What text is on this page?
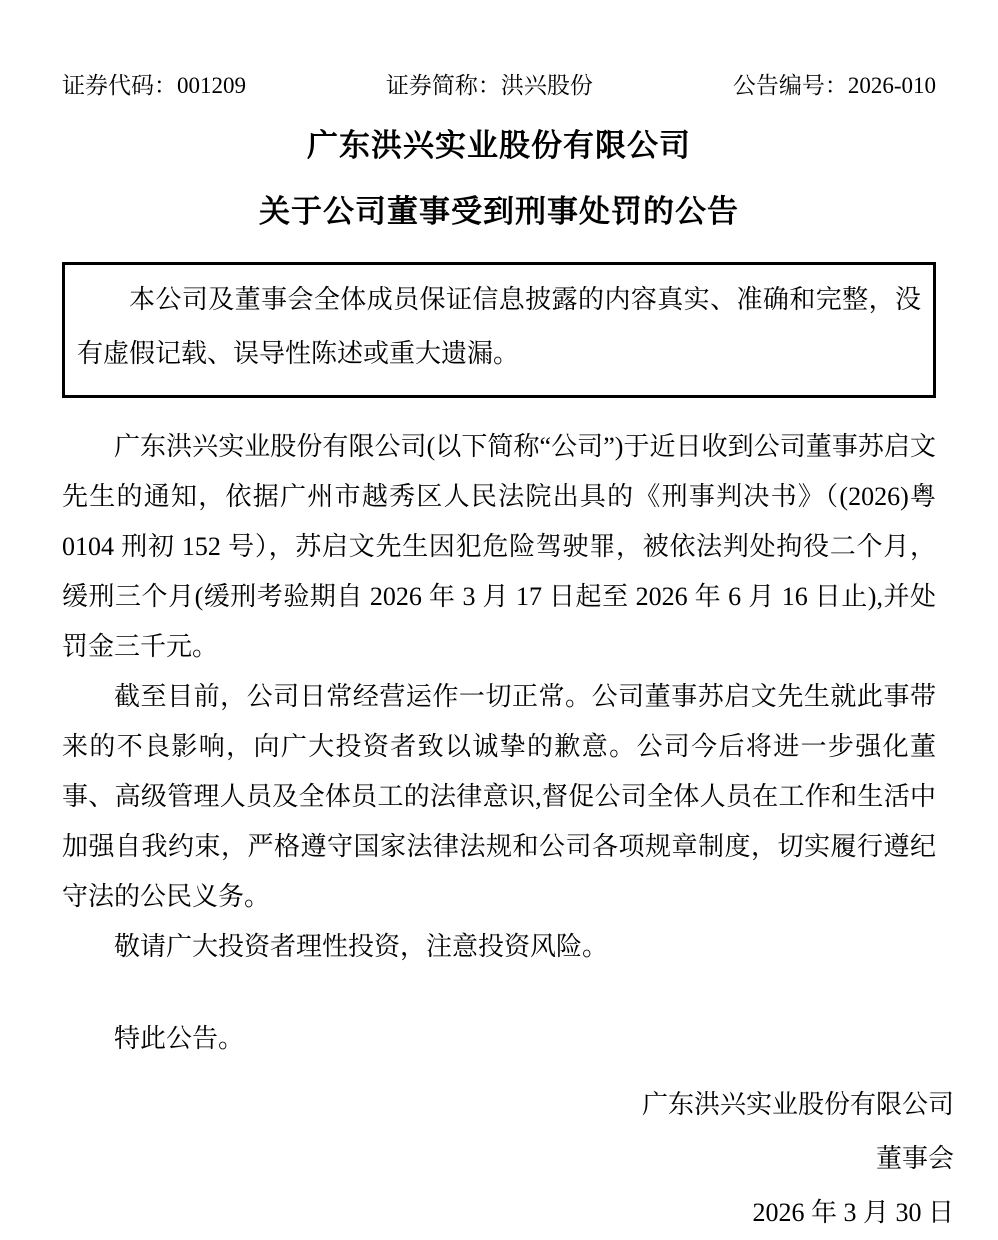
证券代码：001209	证券简称：洪兴股份	公告编号：2026-010
广东洪兴实业股份有限公司
关于公司董事受到刑事处罚的公告

本公司及董事会全体成员保证信息披露的内容真实、准确和完整，没有虚假记载、误导性陈述或重大遗漏。

广东洪兴实业股份有限公司(以下简称“公司”)于近日收到公司董事苏启文先生的通知，依据广州市越秀区人民法院出具的《刑事判决书》（(2026)粤 0104 刑初 152 号），苏启文先生因犯危险驾驶罪，被依法判处拘役二个月，缓刑三个月(缓刑考验期自 2026 年 3 月 17 日起至 2026 年 6 月 16 日止),并处罚金三千元。

截至目前，公司日常经营运作一切正常。公司董事苏启文先生就此事带来的不良影响，向广大投资者致以诚挚的歉意。公司今后将进一步强化董事、高级管理人员及全体员工的法律意识,督促公司全体人员在工作和生活中加强自我约束，严格遵守国家法律法规和公司各项规章制度，切实履行遵纪守法的公民义务。

敬请广大投资者理性投资，注意投资风险。

特此公告。

广东洪兴实业股份有限公司
董事会
2026 年 3 月 30 日
